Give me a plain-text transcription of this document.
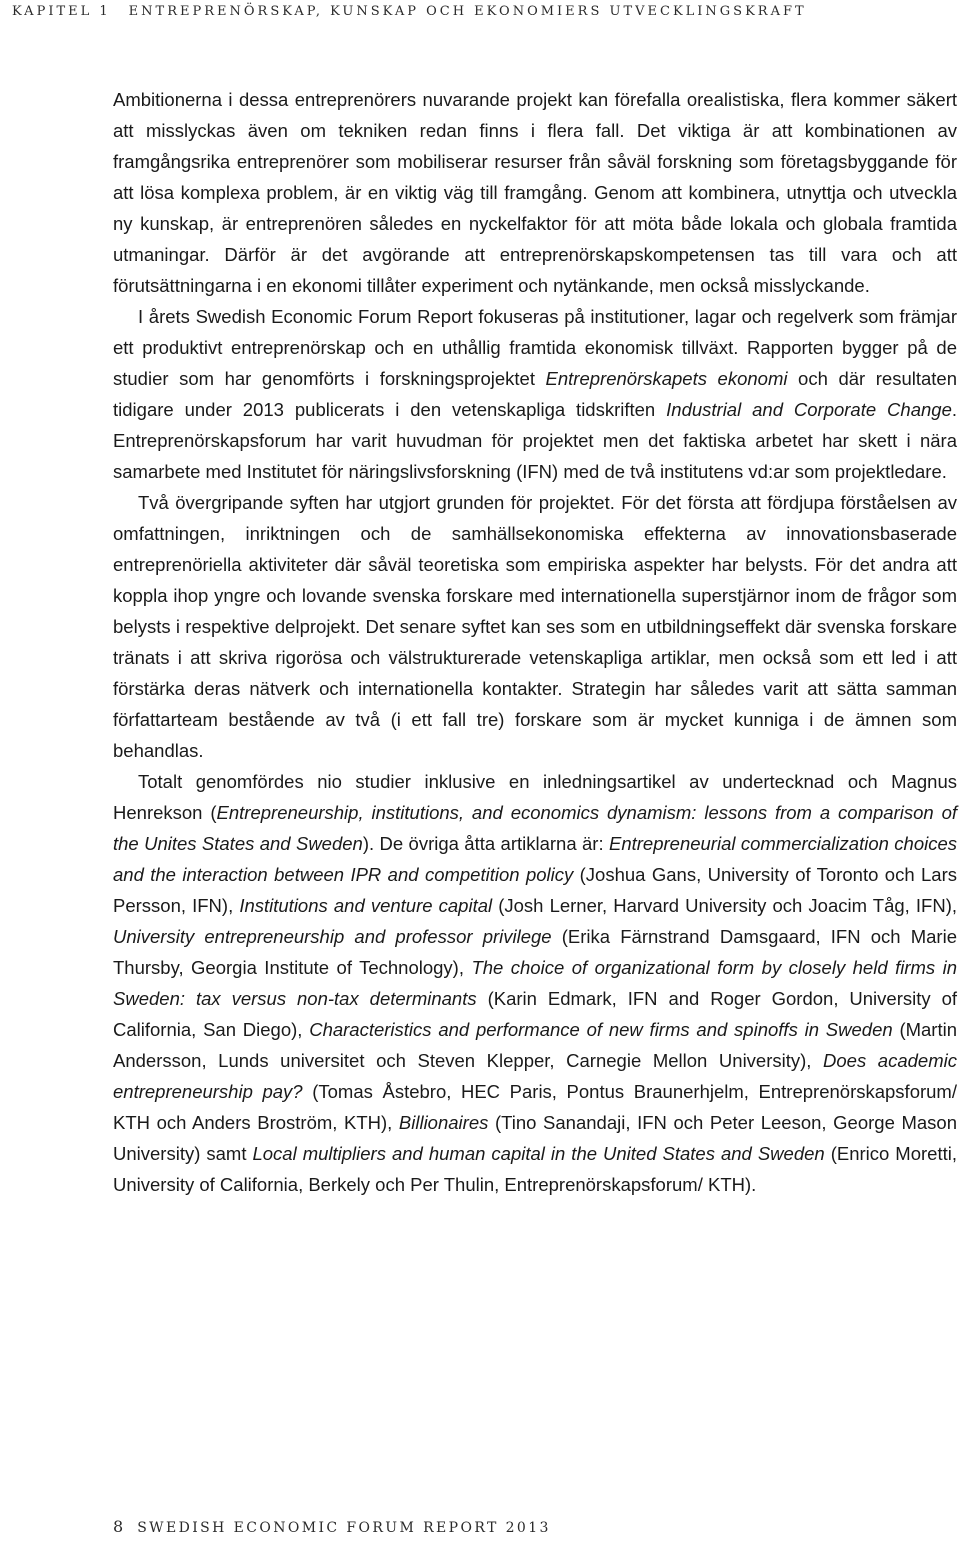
KAPITEL 1 ENTREPRENÖRSKAP, KUNSKAP OCH EKONOMIERS UTVECKLINGSKRAFT

Ambitionerna i dessa entreprenörers nuvarande projekt kan förefalla orealistiska, flera kommer säkert att misslyckas även om tekniken redan finns i flera fall. Det viktiga är att kombinationen av framgångsrika entreprenörer som mobiliserar resurser från såväl forskning som företagsbyggande för att lösa komplexa problem, är en viktig väg till framgång. Genom att kombinera, utnyttja och utveckla ny kunskap, är entreprenören således en nyckelfaktor för att möta både lokala och globala framtida utmaningar. Därför är det avgörande att entreprenörskapskompetensen tas till vara och att förutsättningarna i en ekonomi tillåter experiment och nytänkande, men också misslyckande.

I årets Swedish Economic Forum Report fokuseras på institutioner, lagar och regelverk som främjar ett produktivt entreprenörskap och en uthållig framtida ekonomisk tillväxt. Rapporten bygger på de studier som har genomförts i forskningsprojektet Entreprenörskapets ekonomi och där resultaten tidigare under 2013 publicerats i den vetenskapliga tidskriften Industrial and Corporate Change. Entreprenörskapsforum har varit huvudman för projektet men det faktiska arbetet har skett i nära samarbete med Institutet för näringslivsforskning (IFN) med de två institutens vd:ar som projektledare.

Två övergripande syften har utgjort grunden för projektet. För det första att fördjupa förståelsen av omfattningen, inriktningen och de samhällsekonomiska effekterna av innovationsbaserade entreprenöriella aktiviteter där såväl teoretiska som empiriska aspekter har belysts. För det andra att koppla ihop yngre och lovande svenska forskare med internationella superstjärnor inom de frågor som belysts i respektive delprojekt. Det senare syftet kan ses som en utbildningseffekt där svenska forskare tränats i att skriva rigorösa och välstrukturerade vetenskapliga artiklar, men också som ett led i att förstärka deras nätverk och internationella kontakter. Strategin har således varit att sätta samman författarteam bestående av två (i ett fall tre) forskare som är mycket kunniga i de ämnen som behandlas.

Totalt genomfördes nio studier inklusive en inledningsartikel av undertecknad och Magnus Henrekson (Entrepreneurship, institutions, and economics dynamism: lessons from a comparison of the Unites States and Sweden). De övriga åtta artiklarna är: Entrepreneurial commercialization choices and the interaction between IPR and competition policy (Joshua Gans, University of Toronto och Lars Persson, IFN), Institutions and venture capital (Josh Lerner, Harvard University och Joacim Tåg, IFN), University entrepreneurship and professor privilege (Erika Färnstrand Damsgaard, IFN och Marie Thursby, Georgia Institute of Technology), The choice of organizational form by closely held firms in Sweden: tax versus non-tax determinants (Karin Edmark, IFN and Roger Gordon, University of California, San Diego), Characteristics and performance of new firms and spinoffs in Sweden (Martin Andersson, Lunds universitet och Steven Klepper, Carnegie Mellon University), Does academic entrepreneurship pay? (Tomas Åstebro, HEC Paris, Pontus Braunerhjelm, Entreprenörskapsforum/ KTH och Anders Broström, KTH), Billionaires (Tino Sanandaji, IFN och Peter Leeson, George Mason University) samt Local multipliers and human capital in the United States and Sweden (Enrico Moretti, University of California, Berkely och Per Thulin, Entreprenörskapsforum/ KTH).

8 SWEDISH ECONOMIC FORUM REPORT 2013
